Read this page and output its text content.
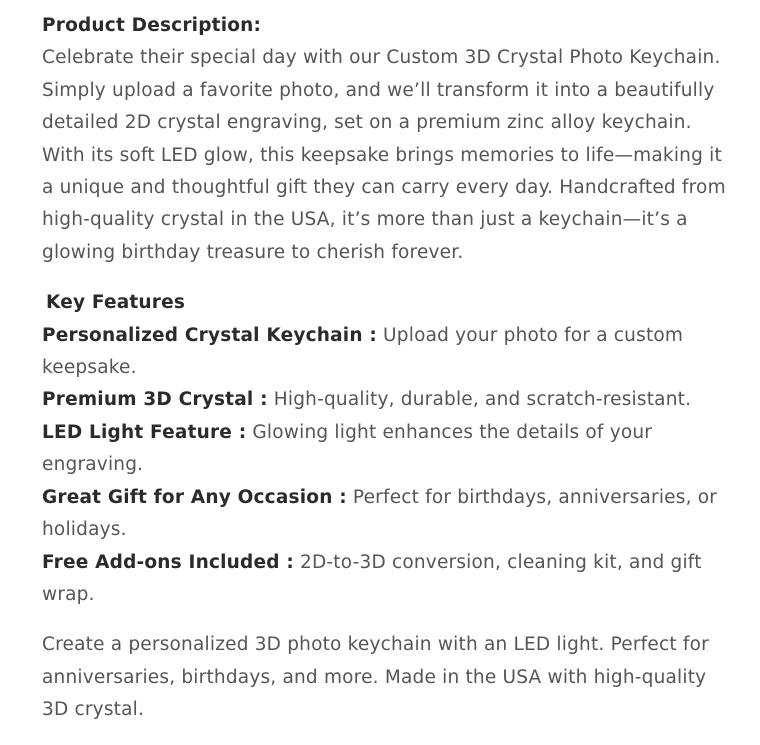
Product Description:

Celebrate their special day with our Custom 3D Crystal Photo Keychain. Simply upload a favorite photo, and we’ll transform it into a beautifully detailed 2D crystal engraving, set on a premium zinc alloy keychain. With its soft LED glow, this keepsake brings memories to life—making it a unique and thoughtful gift they can carry every day. Handcrafted from high-quality crystal in the USA, it’s more than just a keychain—it’s a glowing birthday treasure to cherish forever.

Key Features

Personalized Crystal Keychain : Upload your photo for a custom keepsake.

Premium 3D Crystal : High-quality, durable, and scratch-resistant.

LED Light Feature : Glowing light enhances the details of your engraving.

Great Gift for Any Occasion : Perfect for birthdays, anniversaries, or holidays.

Free Add-ons Included : 2D-to-3D conversion, cleaning kit, and gift wrap.

Create a personalized 3D photo keychain with an LED light. Perfect for anniversaries, birthdays, and more. Made in the USA with high-quality 3D crystal.
